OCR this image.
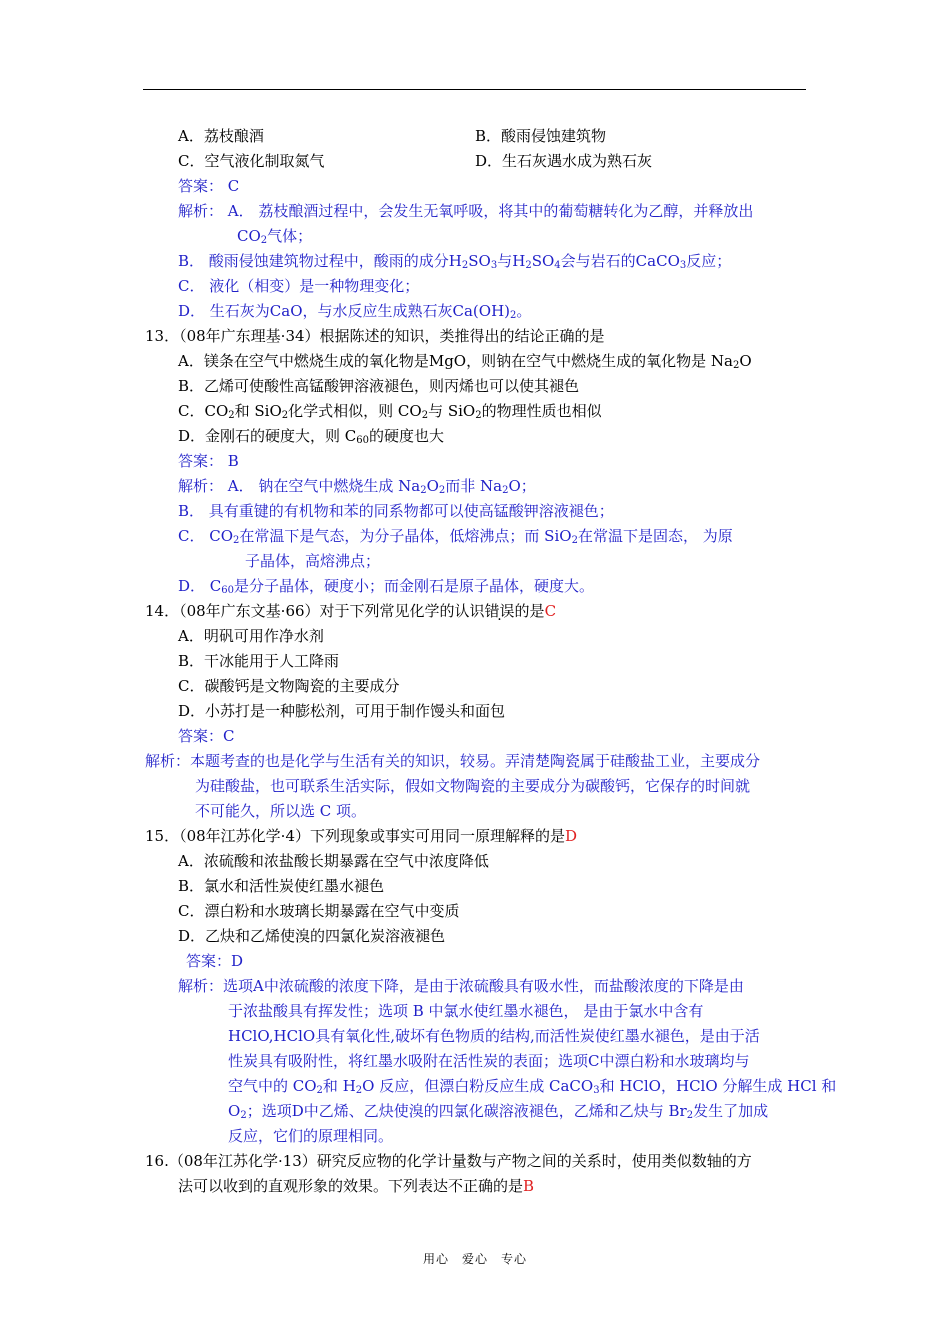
A．荔枝酿酒	B．酸雨侵蚀建筑物
C．空气液化制取氮气	D．生石灰遇水成为熟石灰
答案： C
解析： A． 荔枝酿酒过程中，会发生无氧呼吸，将其中的葡萄糖转化为乙醇，并释放出
$CO_2$气体；
B． 酸雨侵蚀建筑物过程中，酸雨的成分$H_2SO_3$与$H_2SO_4$会与岩石的CaCO$_3$反应；
C． 液化（相变）是一种物理变化；
D． 生石灰为CaO，与水反应生成熟石灰$Ca(OH)_2$。
13．（08年广东理基·34）根据陈述的知识，类推得出的结论正确的是
A．镁条在空气中燃烧生成的氧化物是MgO，则钠在空气中燃烧生成的氧化物是 $Na_2O$
B．乙烯可使酸性高锰酸钾溶液褪色，则丙烯也可以使其褪色
C．$CO_2$和 SiO$_2$化学式相似，则 $CO_2$与 SiO$_2$的物理性质也相似
D．金刚石的硬度大，则 $C_{60}$的硬度也大
答案： B
解析： A． 钠在空气中燃烧生成 $Na_2O_2$而非 $Na_2O$；
B． 具有重键的有机物和苯的同系物都可以使高锰酸钾溶液褪色；
C． $CO_2$在常温下是气态，为分子晶体，低熔沸点；而 SiO$_2$在常温下是固态， 为原
子晶体，高熔沸点；
D． $C_{60}$是分子晶体，硬度小；而金刚石是原子晶体，硬度大。
14．（08年广东文基·66）对于下列常见化学的认识错误的是C
A．明矾可用作净水剂
B．干冰能用于人工降雨
C．碳酸钙是文物陶瓷的主要成分
D．小苏打是一种膨松剂，可用于制作馒头和面包
答案：C
解析：本题考查的也是化学与生活有关的知识，较易。弄清楚陶瓷属于硅酸盐工业，主要成分
为硅酸盐，也可联系生活实际，假如文物陶瓷的主要成分为碳酸钙，它保存的时间就
不可能久，所以选 C 项。
15．（08年江苏化学·4）下列现象或事实可用同一原理解释的是D
A．浓硫酸和浓盐酸长期暴露在空气中浓度降低
B．氯水和活性炭使红墨水褪色
C．漂白粉和水玻璃长期暴露在空气中变质
D．乙炔和乙烯使溴的四氯化炭溶液褪色
答案：D
解析：选项A中浓硫酸的浓度下降，是由于浓硫酸具有吸水性，而盐酸浓度的下降是由
于浓盐酸具有挥发性；选项 B 中氯水使红墨水褪色， 是由于氯水中含有
HClO,HClO具有氧化性,破坏有色物质的结构,而活性炭使红墨水褪色，是由于活
性炭具有吸附性，将红墨水吸附在活性炭的表面；选项C中漂白粉和水玻璃均与
空气中的 $CO_2$和 $H_2O$ 反应，但漂白粉反应生成 CaCO$_3$和 HClO，HClO 分解生成 HCl 和
$O_2$；选项D中乙烯、乙炔使溴的四氯化碳溶液褪色，乙烯和乙炔与 $Br_2$发生了加成
反应，它们的原理相同。
16.（08年江苏化学·13）研究反应物的化学计量数与产物之间的关系时，使用类似数轴的方
法可以收到的直观形象的效果。下列表达不正确的是B
用心　爱心　专心
